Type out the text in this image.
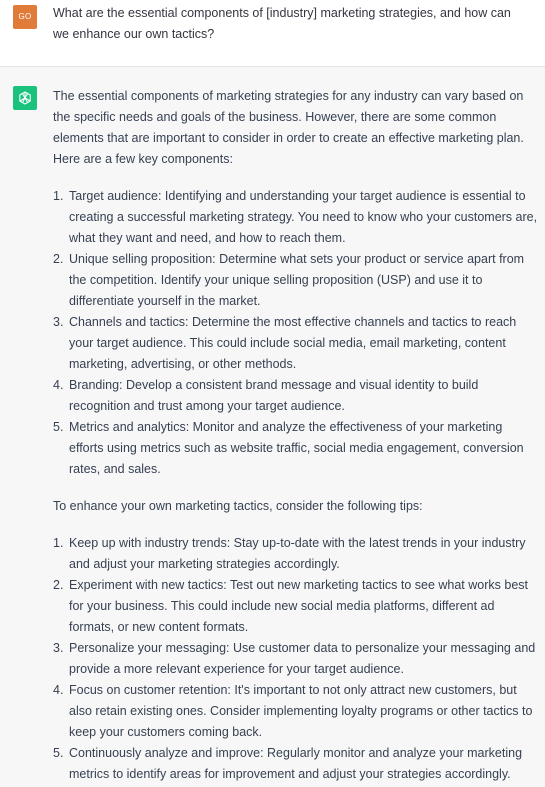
GO	What are the essential components of [industry] marketing strategies, and how can we enhance our own tactics?

The essential components of marketing strategies for any industry can vary based on the specific needs and goals of the business. However, there are some common elements that are important to consider in order to create an effective marketing plan. Here are a few key components:

1. Target audience: Identifying and understanding your target audience is essential to creating a successful marketing strategy. You need to know who your customers are, what they want and need, and how to reach them.
2. Unique selling proposition: Determine what sets your product or service apart from the competition. Identify your unique selling proposition (USP) and use it to differentiate yourself in the market.
3. Channels and tactics: Determine the most effective channels and tactics to reach your target audience. This could include social media, email marketing, content marketing, advertising, or other methods.
4. Branding: Develop a consistent brand message and visual identity to build recognition and trust among your target audience.
5. Metrics and analytics: Monitor and analyze the effectiveness of your marketing efforts using metrics such as website traffic, social media engagement, conversion rates, and sales.

To enhance your own marketing tactics, consider the following tips:

1. Keep up with industry trends: Stay up-to-date with the latest trends in your industry and adjust your marketing strategies accordingly.
2. Experiment with new tactics: Test out new marketing tactics to see what works best for your business. This could include new social media platforms, different ad formats, or new content formats.
3. Personalize your messaging: Use customer data to personalize your messaging and provide a more relevant experience for your target audience.
4. Focus on customer retention: It's important to not only attract new customers, but also retain existing ones. Consider implementing loyalty programs or other tactics to keep your customers coming back.
5. Continuously analyze and improve: Regularly monitor and analyze your marketing metrics to identify areas for improvement and adjust your strategies accordingly.
